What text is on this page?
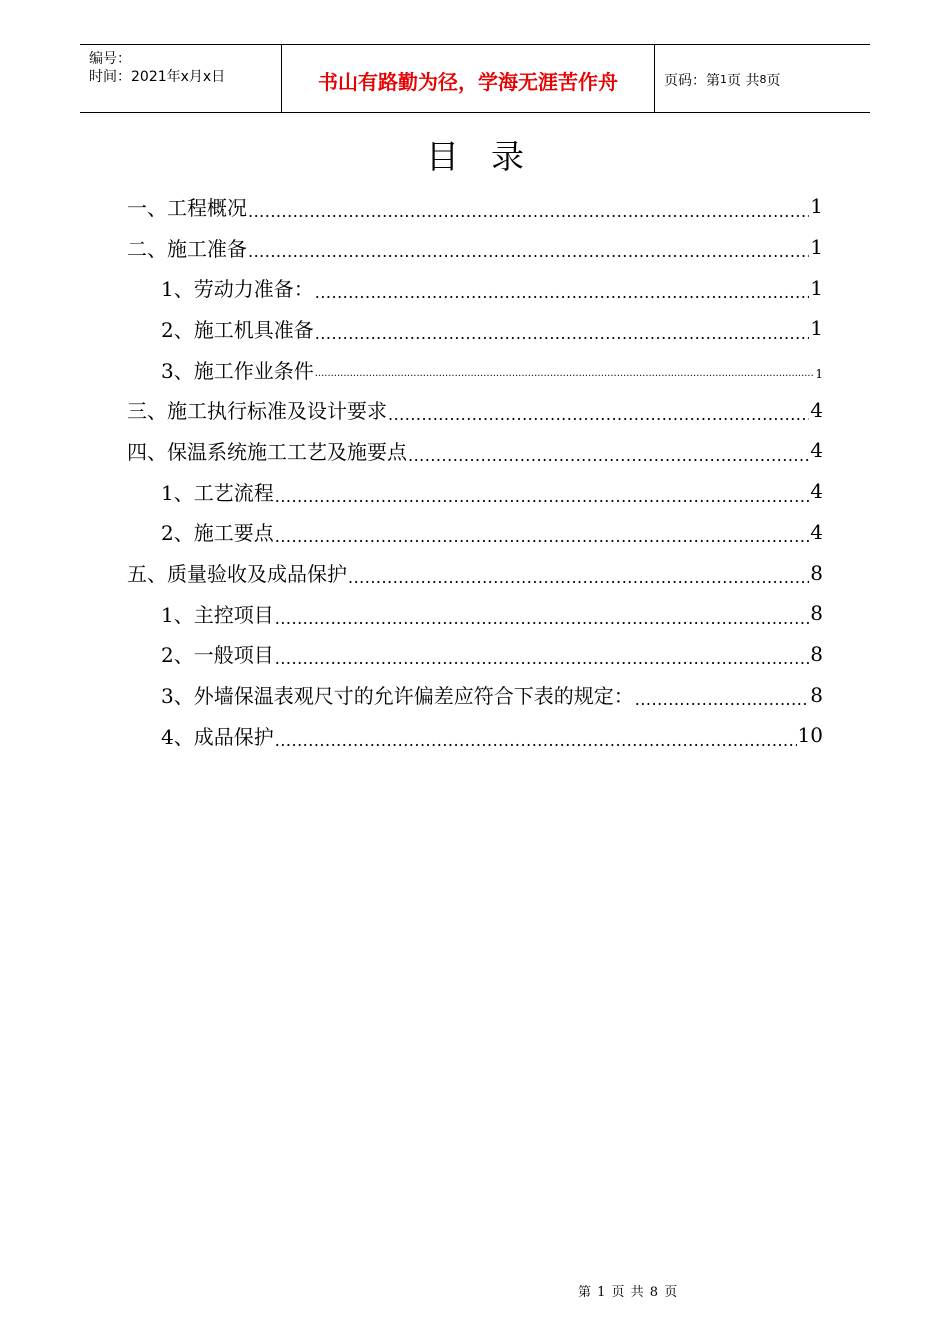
编号：
时间：2021年x月x日	书山有路勤为径，学海无涯苦作舟	页码：第 1 页 共 8 页
目录
一、工程概况 .....	1
二、施工准备 .....	1
1、劳动力准备： .....	1
2、施工机具准备 .....	1
3、施工作业条件 .....	1
三、施工执行标准及设计要求 .....	4
四、保温系统施工工艺及施要点 .....	4
1、工艺流程 .....	4
2、施工要点 .....	4
五、质量验收及成品保护 .....	8
1、主控项目 .....	8
2、一般项目 .....	8
3、外墙保温表观尺寸的允许偏差应符合下表的规定： .....	8
4、成品保护 .....	10
第 1 页 共 8 页
